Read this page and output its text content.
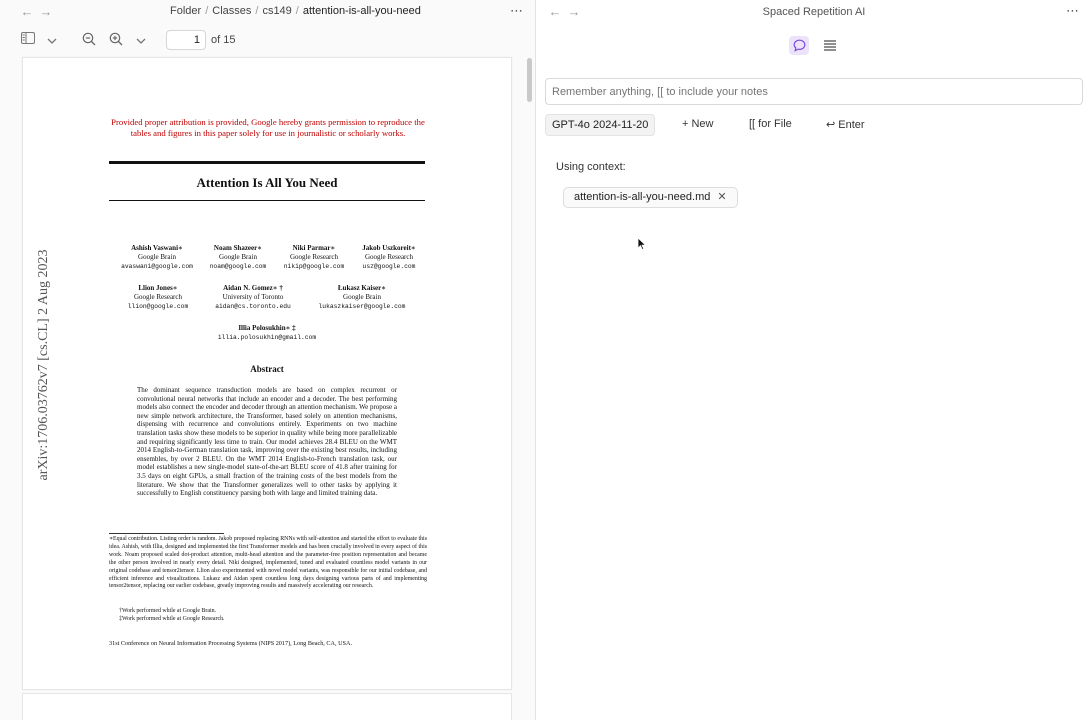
← →	Folder / Classes / cs149 / attention-is-all-you-need	⋯
1
of 15
Provided proper attribution is provided, Google hereby grants permission to reproduce the tables and figures in this paper solely for use in journalistic or scholarly works.
Attention Is All You Need
arXiv:1706.03762v7 [cs.CL] 2 Aug 2023
Ashish Vaswani∗
Google Brain
avaswani@google.com
Noam Shazeer∗
Google Brain
noam@google.com
Niki Parmar∗
Google Research
nikip@google.com
Jakob Uszkoreit∗
Google Research
usz@google.com
Llion Jones∗
Google Research
llion@google.com
Aidan N. Gomez∗ †
University of Toronto
aidan@cs.toronto.edu
Łukasz Kaiser∗
Google Brain
lukaszkaiser@google.com
Illia Polosukhin∗ ‡
illia.polosukhin@gmail.com
Abstract
The dominant sequence transduction models are based on complex recurrent or convolutional neural networks that include an encoder and a decoder. The best performing models also connect the encoder and decoder through an attention mechanism. We propose a new simple network architecture, the Transformer, based solely on attention mechanisms, dispensing with recurrence and convolutions entirely. Experiments on two machine translation tasks show these models to be superior in quality while being more parallelizable and requiring significantly less time to train. Our model achieves 28.4 BLEU on the WMT 2014 English-to-German translation task, improving over the existing best results, including ensembles, by over 2 BLEU. On the WMT 2014 English-to-French translation task, our model establishes a new single-model state-of-the-art BLEU score of 41.8 after training for 3.5 days on eight GPUs, a small fraction of the training costs of the best models from the literature. We show that the Transformer generalizes well to other tasks by applying it successfully to English constituency parsing both with large and limited training data.
∗Equal contribution. Listing order is random. Jakob proposed replacing RNNs with self-attention and started the effort to evaluate this idea. Ashish, with Illia, designed and implemented the first Transformer models and has been crucially involved in every aspect of this work. Noam proposed scaled dot-product attention, multi-head attention and the parameter-free position representation and became the other person involved in nearly every detail. Niki designed, implemented, tuned and evaluated countless model variants in our original codebase and tensor2tensor. Llion also experimented with novel model variants, was responsible for our initial codebase, and efficient inference and visualizations. Lukasz and Aidan spent countless long days designing various parts of and implementing tensor2tensor, replacing our earlier codebase, greatly improving results and massively accelerating our research.
†Work performed while at Google Brain.
‡Work performed while at Google Research.
31st Conference on Neural Information Processing Systems (NIPS 2017), Long Beach, CA, USA.
← →	Spaced Repetition AI	⋯
Remember anything, [[ to include your notes
GPT-4o 2024-11-20	+ New	[[ for File	↩ Enter
Using context:
attention-is-all-you-need.md ✕
